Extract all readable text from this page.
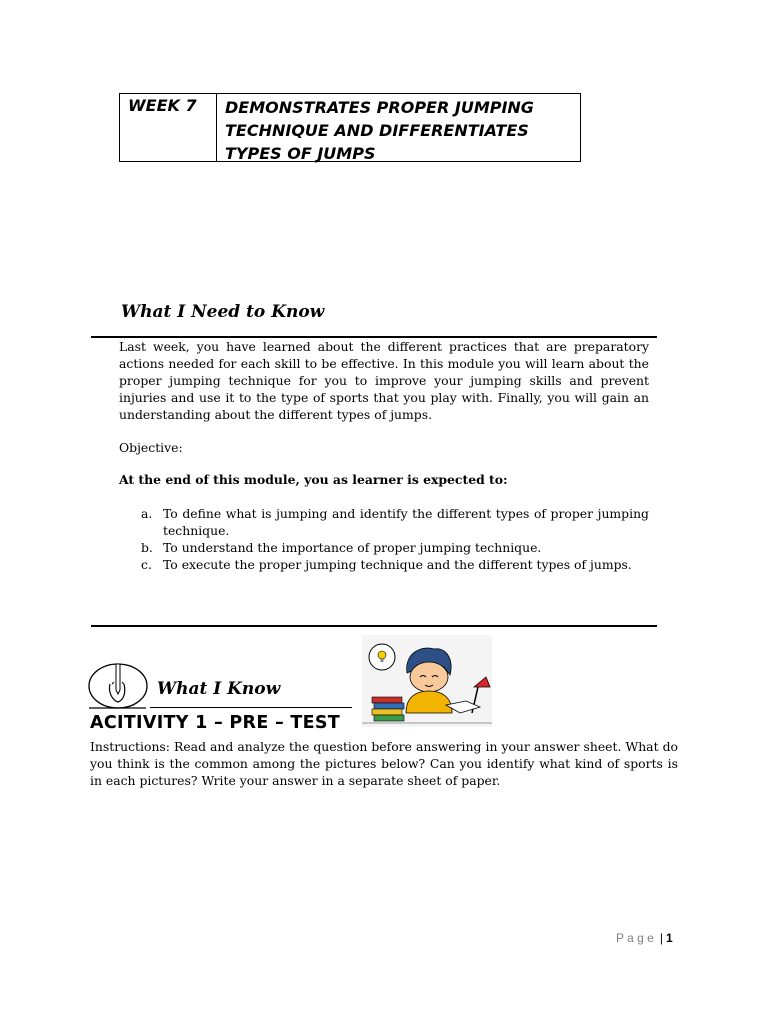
WEEK 7	DEMONSTRATES PROPER JUMPING
TECHNIQUE AND DIFFERENTIATES
TYPES OF JUMPS
What I Need to Know

Last week, you have learned about the different practices that are preparatory actions needed for each skill to be effective. In this module you will learn about the proper jumping technique for you to improve your jumping skills and prevent injuries and use it to the type of sports that you play with. Finally, you will gain an understanding about the different types of jumps.

Objective:

At the end of this module, you as learner is expected to:

a. To define what is jumping and identify the different types of proper jumping technique.
b. To understand the importance of proper jumping technique.
c. To execute the proper jumping technique and the different types of jumps.
What I Know

ACITIVITY 1 – PRE – TEST

Instructions: Read and analyze the question before answering in your answer sheet. What do you think is the common among the pictures below? Can you identify what kind of sports is in each pictures? Write your answer in a separate sheet of paper.

P a g e | 1
